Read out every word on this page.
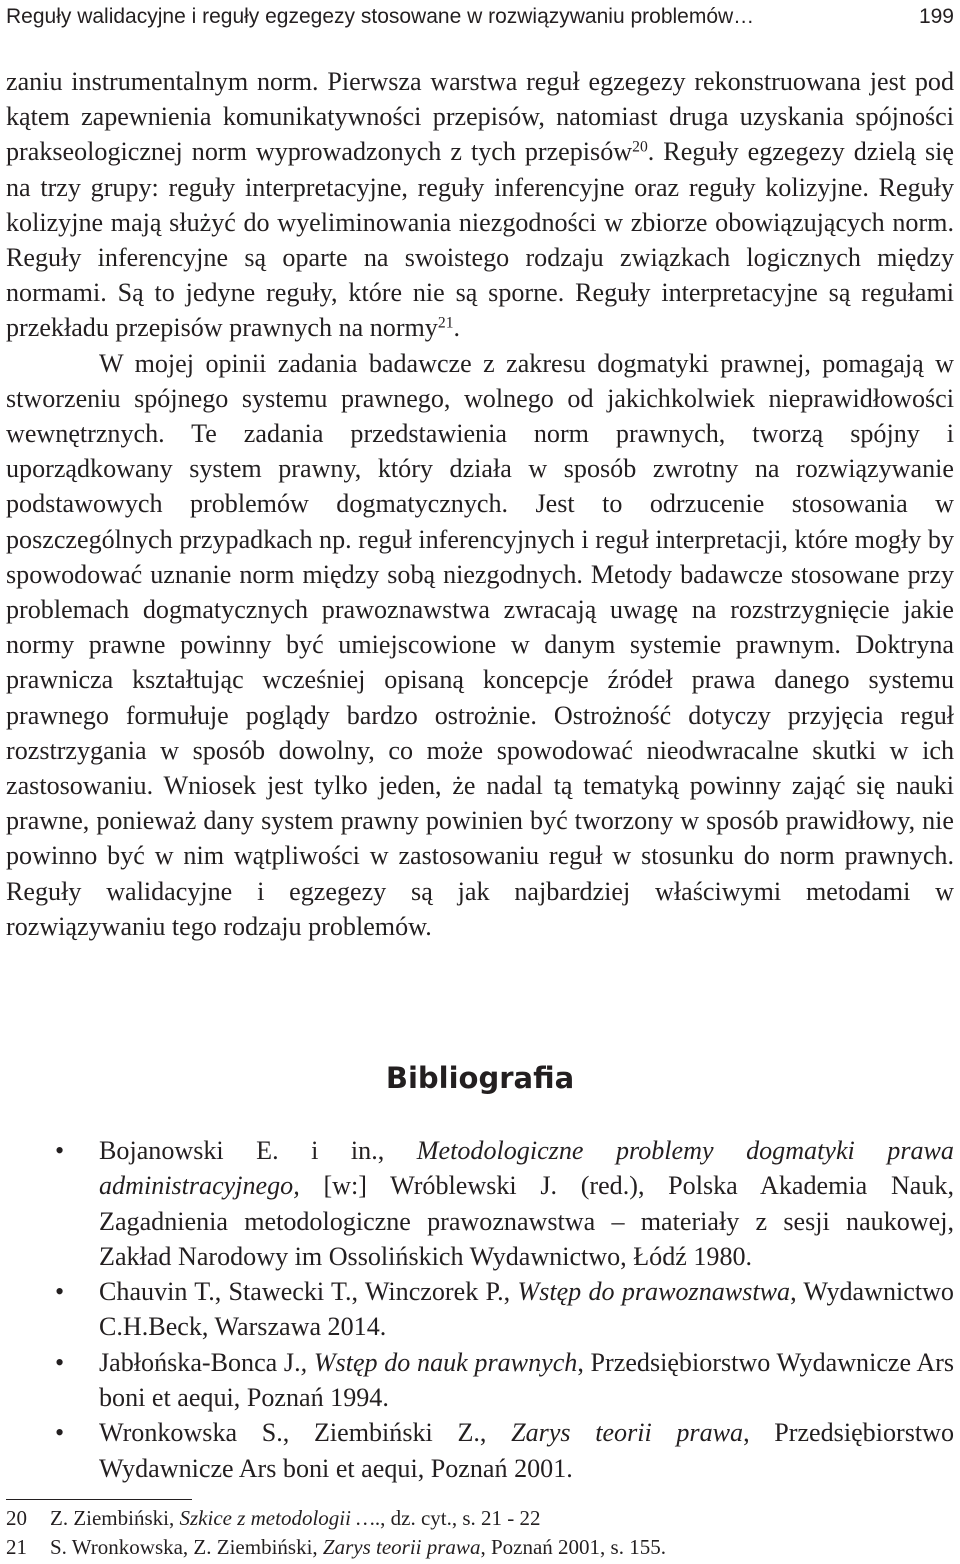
Reguły walidacyjne i reguły egzegezy stosowane w rozwiązywaniu problemów…	199

zaniu instrumentalnym norm. Pierwsza warstwa reguł egzegezy rekonstruowana jest pod kątem zapewnienia komunikatywności przepisów, natomiast druga uzyskania spójności prakseologicznej norm wyprowadzonych z tych przepisów$^{20}$. Reguły egzegezy dzielą się na trzy grupy: reguły interpretacyjne, reguły inferencyjne oraz reguły kolizyjne. Reguły kolizyjne mają służyć do wyeliminowania niezgodności w zbiorze obowiązujących norm. Reguły inferencyjne są oparte na swoistego rodzaju związkach logicznych między normami. Są to jedyne reguły, które nie są sporne. Reguły interpretacyjne są regułami przekładu przepisów prawnych na normy$^{21}$.

W mojej opinii zadania badawcze z zakresu dogmatyki prawnej, pomagają w stworzeniu spójnego systemu prawnego, wolnego od jakichkolwiek nieprawidłowości wewnętrznych. Te zadania przedstawienia norm prawnych, tworzą spójny i uporządkowany system prawny, który działa w sposób zwrotny na rozwiązywanie podstawowych problemów dogmatycznych. Jest to odrzucenie stosowania w poszczególnych przypadkach np. reguł inferencyjnych i reguł interpretacji, które mogły by spowodować uznanie norm między sobą niezgodnych. Metody badawcze stosowane przy problemach dogmatycznych prawoznawstwa zwracają uwagę na rozstrzygnięcie jakie normy prawne powinny być umiejscowione w danym systemie prawnym. Doktryna prawnicza kształtując wcześniej opisaną koncepcje źródeł prawa danego systemu prawnego formułuje poglądy bardzo ostrożnie. Ostrożność dotyczy przyjęcia reguł rozstrzygania w sposób dowolny, co może spowodować nieodwracalne skutki w ich zastosowaniu. Wniosek jest tylko jeden, że nadal tą tematyką powinny zająć się nauki prawne, ponieważ dany system prawny powinien być tworzony w sposób prawidłowy, nie powinno być w nim wątpliwości w zastosowaniu reguł w stosunku do norm prawnych. Reguły walidacyjne i egzegezy są jak najbardziej właściwymi metodami w rozwiązywaniu tego rodzaju problemów.

Bibliografia
• Bojanowski E. i in., Metodologiczne problemy dogmatyki prawa administracyjnego, [w:] Wróblewski J. (red.), Polska Akademia Nauk, Zagadnienia metodologiczne prawoznawstwa – materiały z sesji naukowej, Zakład Narodowy im Ossolińskich Wydawnictwo, Łódź 1980.
• Chauvin T., Stawecki T., Winczorek P., Wstęp do prawoznawstwa, Wydawnictwo C.H.Beck, Warszawa 2014.
• Jabłońska-Bonca J., Wstęp do nauk prawnych, Przedsiębiorstwo Wydawnicze Ars boni et aequi, Poznań 1994.
• Wronkowska S., Ziembiński Z., Zarys teorii prawa, Przedsiębiorstwo Wydawnicze Ars boni et aequi, Poznań 2001.
20 Z. Ziembiński, Szkice z metodologii …., dz. cyt., s. 21 - 22
21 S. Wronkowska, Z. Ziembiński, Zarys teorii prawa, Poznań 2001, s. 155.
